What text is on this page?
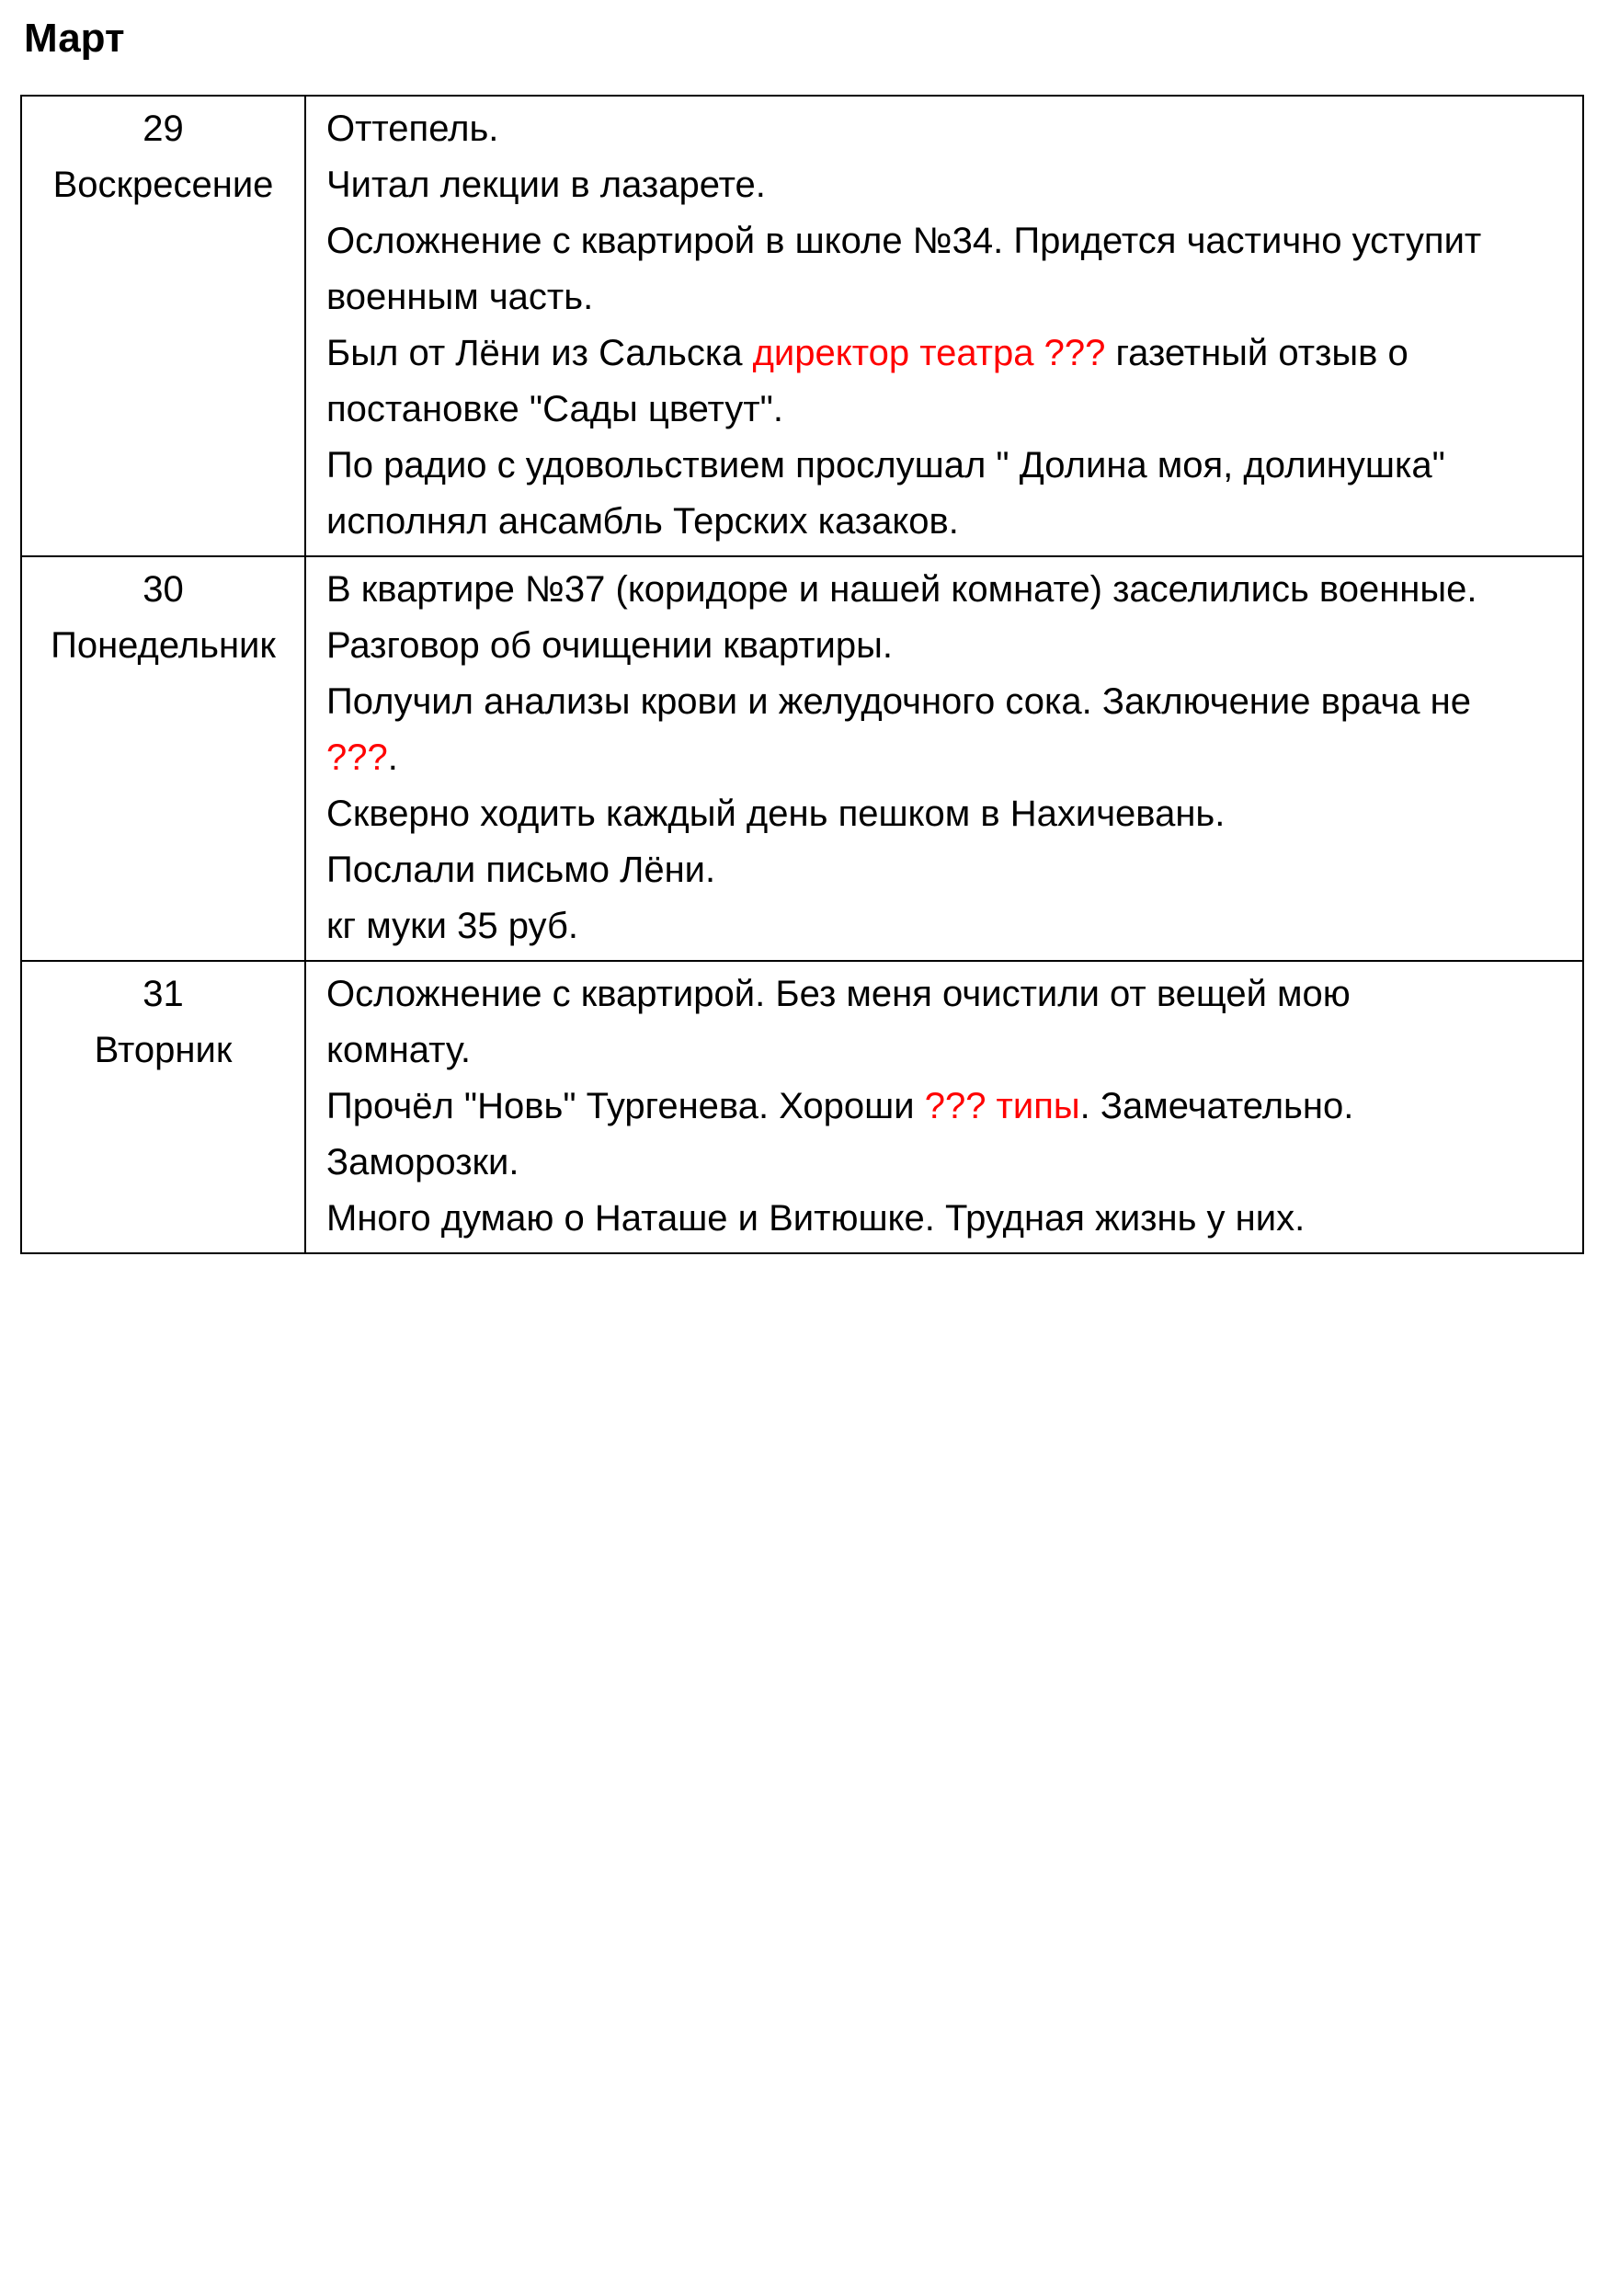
Март
29
Воскресение
Оттепель.
Читал лекции в лазарете.
Осложнение с квартирой в школе №34. Придется частично уступит
военным часть.
Был от Лёни из Сальска директор театра ??? газетный отзыв о
постановке "Сады цветут".
По радио с удовольствием прослушал " Долина моя, долинушка"
исполнял ансамбль Терских казаков.
30
Понедельник
В квартире №37 (коридоре и нашей комнате) заселились военные.
Разговор об очищении квартиры.
Получил анализы крови и желудочного сока. Заключение врача не
???.
Скверно ходить каждый день пешком в Нахичевань.
Послали письмо Лёни.
кг муки 35 руб.
31
Вторник
Осложнение с квартирой. Без меня очистили от вещей мою
комнату.
Прочёл "Новь" Тургенева. Хороши ??? типы. Замечательно.
Заморозки.
Много думаю о Наташе и Витюшке. Трудная жизнь у них.
